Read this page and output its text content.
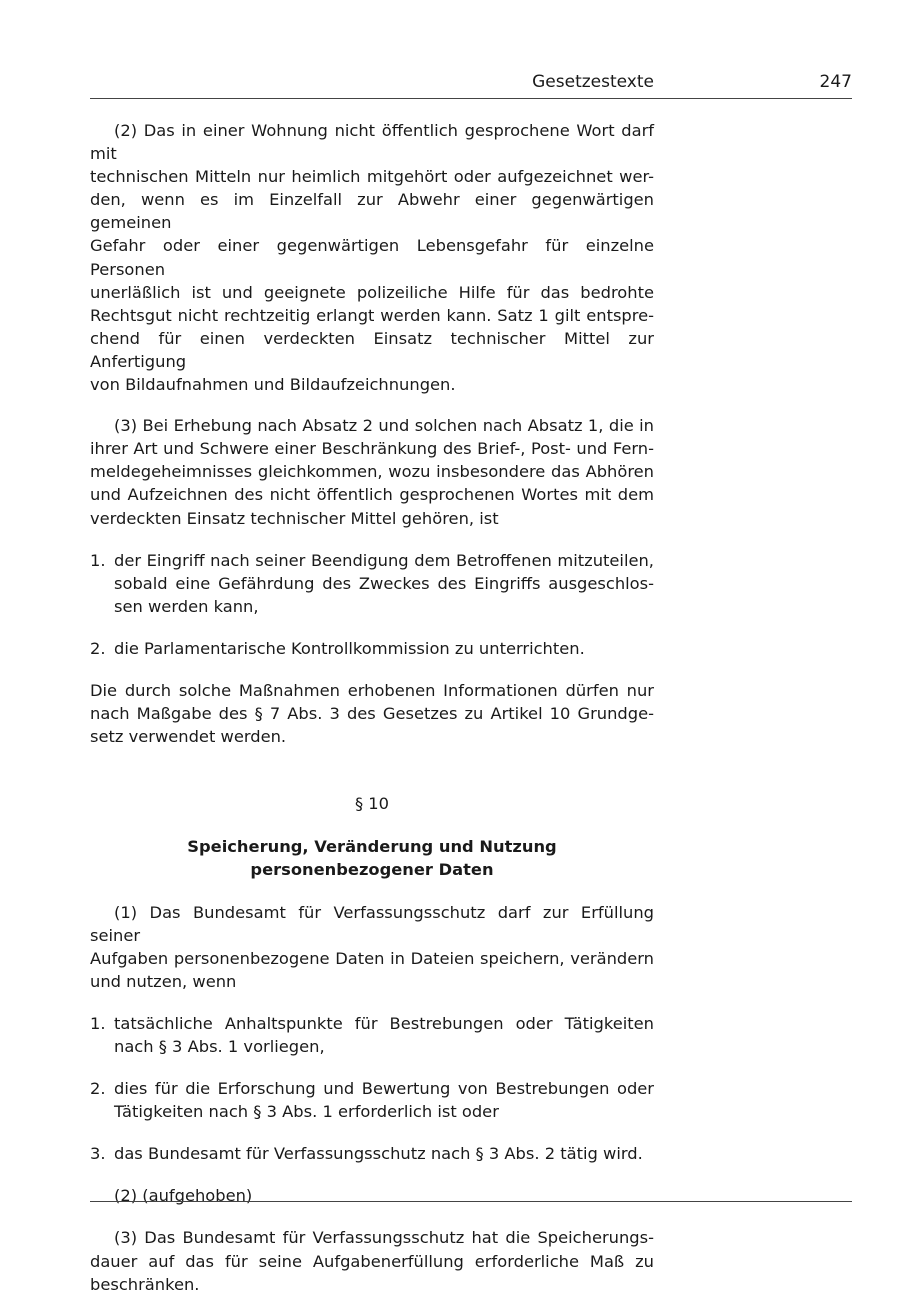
Gesetzestexte	247

(2) Das in einer Wohnung nicht öffentlich gesprochene Wort darf mit
technischen Mitteln nur heimlich mitgehört oder aufgezeichnet wer-
den, wenn es im Einzelfall zur Abwehr einer gegenwärtigen gemeinen
Gefahr oder einer gegenwärtigen Lebensgefahr für einzelne Personen
unerläßlich ist und geeignete polizeiliche Hilfe für das bedrohte
Rechtsgut nicht rechtzeitig erlangt werden kann. Satz 1 gilt entspre-
chend für einen verdeckten Einsatz technischer Mittel zur Anfertigung
von Bildaufnahmen und Bildaufzeichnungen.

(3) Bei Erhebung nach Absatz 2 und solchen nach Absatz 1, die in
ihrer Art und Schwere einer Beschränkung des Brief-, Post- und Fern-
meldegeheimnisses gleichkommen, wozu insbesondere das Abhören
und Aufzeichnen des nicht öffentlich gesprochenen Wortes mit dem
verdeckten Einsatz technischer Mittel gehören, ist

1. der Eingriff nach seiner Beendigung dem Betroffenen mitzuteilen,
sobald eine Gefährdung des Zweckes des Eingriffs ausgeschlos-
sen werden kann,

2. die Parlamentarische Kontrollkommission zu unterrichten.

Die durch solche Maßnahmen erhobenen Informationen dürfen nur
nach Maßgabe des § 7 Abs. 3 des Gesetzes zu Artikel 10 Grundge-
setz verwendet werden.

§ 10

Speicherung, Veränderung und Nutzung
personenbezogener Daten

(1) Das Bundesamt für Verfassungsschutz darf zur Erfüllung seiner
Aufgaben personenbezogene Daten in Dateien speichern, verändern
und nutzen, wenn

1. tatsächliche Anhaltspunkte für Bestrebungen oder Tätigkeiten
nach § 3 Abs. 1 vorliegen,

2. dies für die Erforschung und Bewertung von Bestrebungen oder
Tätigkeiten nach § 3 Abs. 1 erforderlich ist oder

3. das Bundesamt für Verfassungsschutz nach § 3 Abs. 2 tätig wird.

(2) (aufgehoben)

(3) Das Bundesamt für Verfassungsschutz hat die Speicherungs-
dauer auf das für seine Aufgabenerfüllung erforderliche Maß zu
beschränken.
